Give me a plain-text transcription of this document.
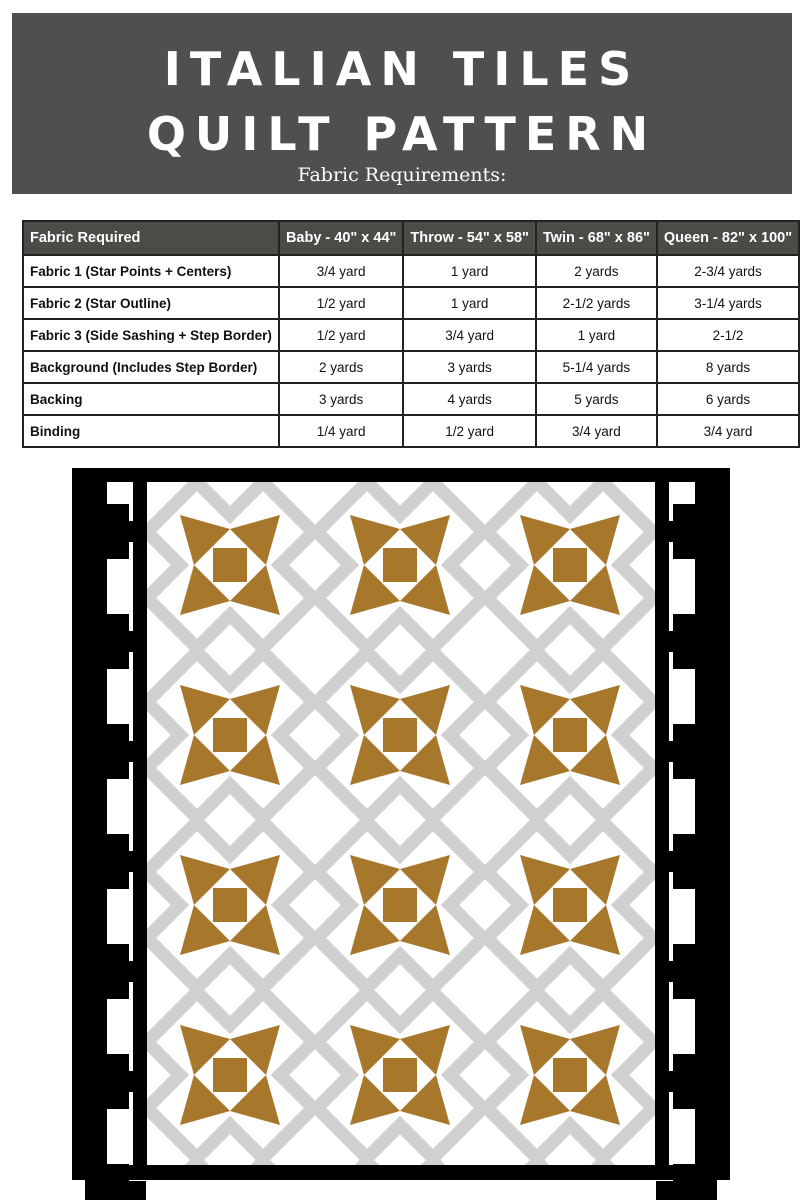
ITALIAN TILES
QUILT PATTERN
Fabric Requirements:
Fabric Required	Baby - 40" x 44"	Throw - 54" x 58"	Twin - 68" x 86"	Queen - 82" x 100"
Fabric 1 (Star Points + Centers)	3/4 yard	1 yard	2 yards	2-3/4 yards
Fabric 2 (Star Outline)	1/2 yard	1 yard	2-1/2 yards	3-1/4 yards
Fabric 3 (Side Sashing + Step Border)	1/2 yard	3/4 yard	1 yard	2-1/2
Background (Includes Step Border)	2 yards	3 yards	5-1/4 yards	8 yards
Backing	3 yards	4 yards	5 yards	6 yards
Binding	1/4 yard	1/2 yard	3/4 yard	3/4 yard
